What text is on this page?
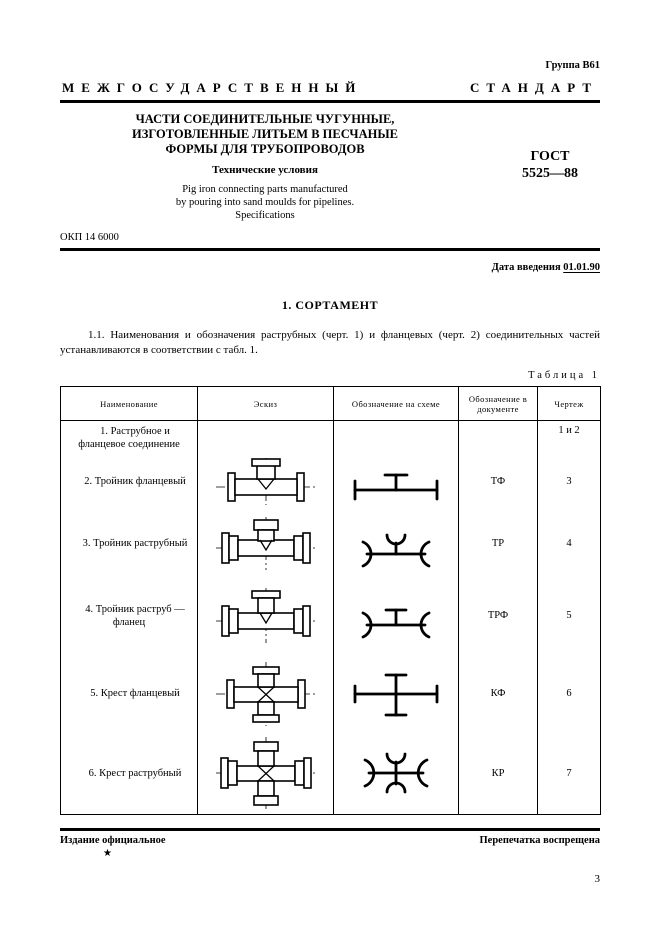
Группа В61
МЕЖГОСУДАРСТВЕННЫЙ	СТАНДАРТ
ЧАСТИ СОЕДИНИТЕЛЬНЫЕ ЧУГУННЫЕ,
ИЗГОТОВЛЕННЫЕ ЛИТЬЕМ В ПЕСЧАНЫЕ
ФОРМЫ ДЛЯ ТРУБОПРОВОДОВ
Технические условия
Pig iron connecting parts manufactured
by pouring into sand moulds for pipelines.
Specifications
ГОСТ
5525—88
ОКП 14 6000
Дата введения 01.01.90
1. СОРТАМЕНТ
1.1. Наименования и обозначения раструбных (черт. 1) и фланцевых (черт. 2) соединительных частей устанавливаются в соответствии с табл. 1.
Таблица 1
Наименование	Эскиз	Обозначение на схеме	Обозначение в документе	Чертеж
1. Раструбное и фланцевое соединение				1 и 2
2. Тройник фланцевый			ТФ	3
3. Тройник раструбный			ТР	4
4. Тройник раструб — фланец			ТРФ	5
5. Крест фланцевый			КФ	6
6. Крест раструбный			КР	7
Издание официальное	Перепечатка воспрещена
★
3
